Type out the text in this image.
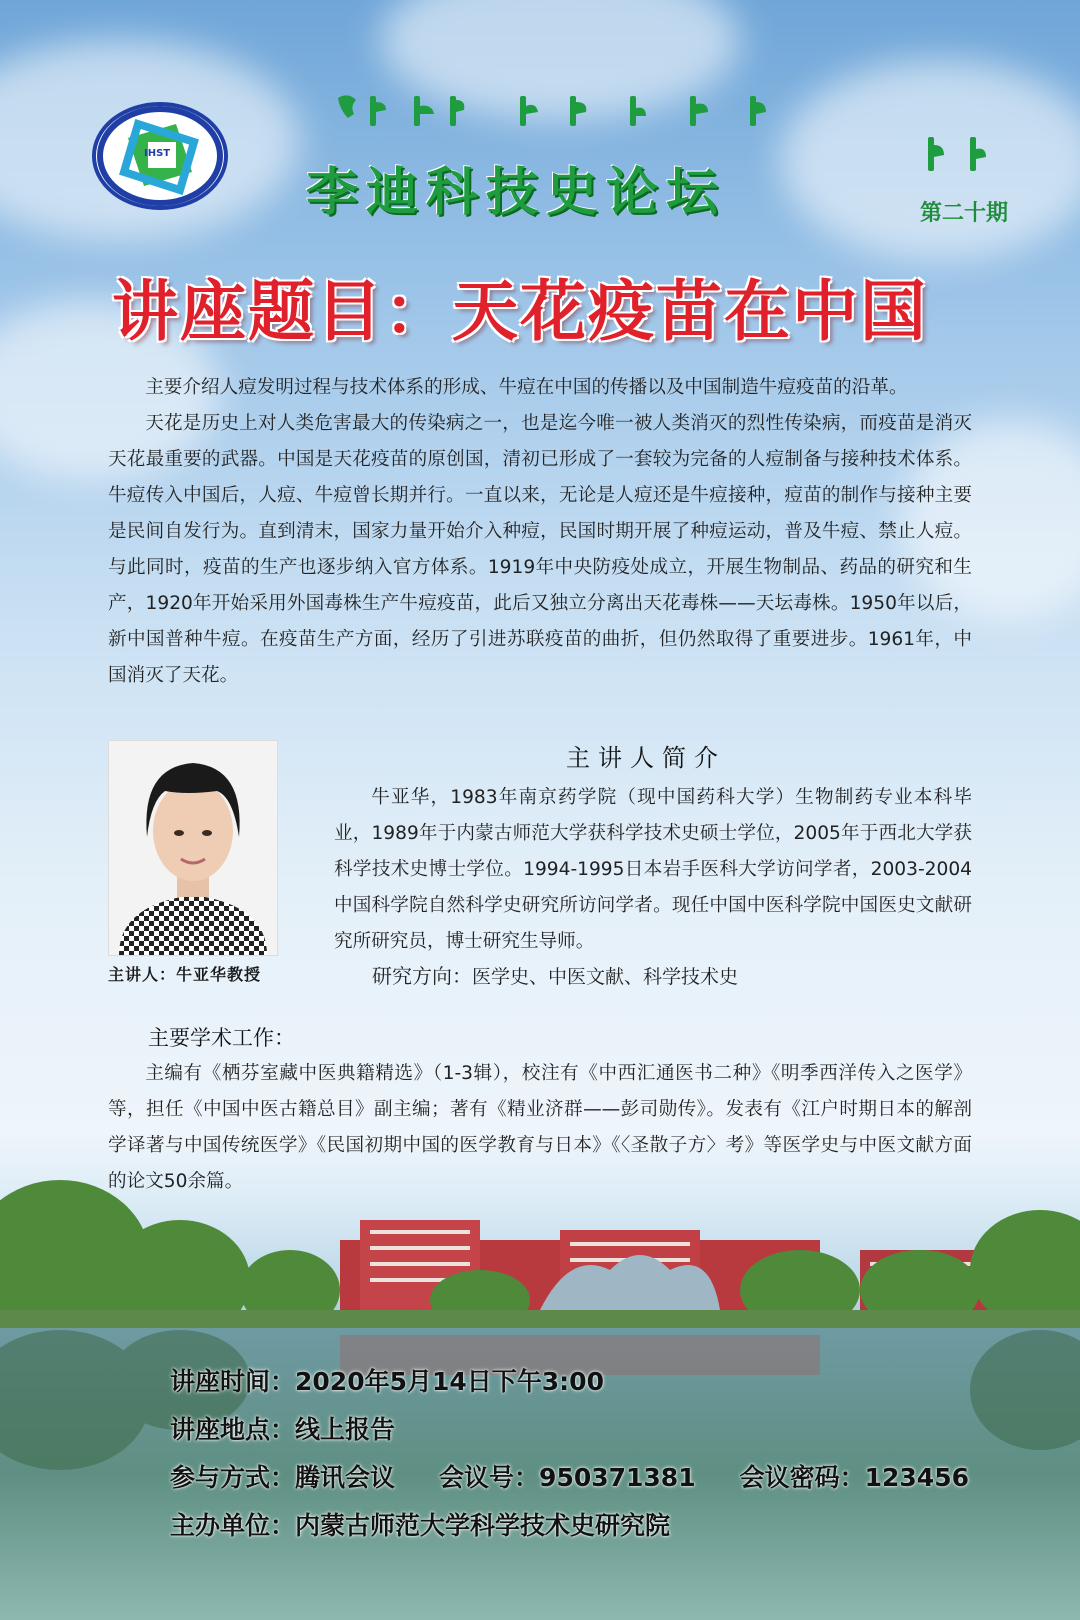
IHST
李迪科技史论坛	第二十期
讲座题目：天花疫苗在中国

主要介绍人痘发明过程与技术体系的形成、牛痘在中国的传播以及中国制造牛痘疫苗的沿革。

天花是历史上对人类危害最大的传染病之一，也是迄今唯一被人类消灭的烈性传染病，而疫苗是消灭天花最重要的武器。中国是天花疫苗的原创国，清初已形成了一套较为完备的人痘制备与接种技术体系。牛痘传入中国后，人痘、牛痘曾长期并行。一直以来，无论是人痘还是牛痘接种，痘苗的制作与接种主要是民间自发行为。直到清末，国家力量开始介入种痘，民国时期开展了种痘运动，普及牛痘、禁止人痘。与此同时，疫苗的生产也逐步纳入官方体系。1919年中央防疫处成立，开展生物制品、药品的研究和生产，1920年开始采用外国毒株生产牛痘疫苗，此后又独立分离出天花毒株——天坛毒株。1950年以后，新中国普种牛痘。在疫苗生产方面，经历了引进苏联疫苗的曲折，但仍然取得了重要进步。1961年，中国消灭了天花。

主讲人：牛亚华教授
主讲人简介

牛亚华，1983年南京药学院（现中国药科大学）生物制药专业本科毕业，1989年于内蒙古师范大学获科学技术史硕士学位，2005年于西北大学获科学技术史博士学位。1994-1995日本岩手医科大学访问学者，2003-2004中国科学院自然科学史研究所访问学者。现任中国中医科学院中国医史文献研究所研究员，博士研究生导师。

研究方向：医学史、中医文献、科学技术史
主要学术工作：

主编有《栖芬室藏中医典籍精选》（1-3辑），校注有《中西汇通医书二种》《明季西洋传入之医学》等，担任《中国中医古籍总目》副主编；著有《精业济群——彭司勋传》。发表有《江户时期日本的解剖学译著与中国传统医学》《民国初期中国的医学教育与日本》《〈圣散子方〉考》等医学史与中医文献方面的论文50余篇。

讲座时间：2020年5月14日下午3:00
讲座地点：线上报告
参与方式：腾讯会议 会议号：950371381 会议密码：123456
主办单位：内蒙古师范大学科学技术史研究院
